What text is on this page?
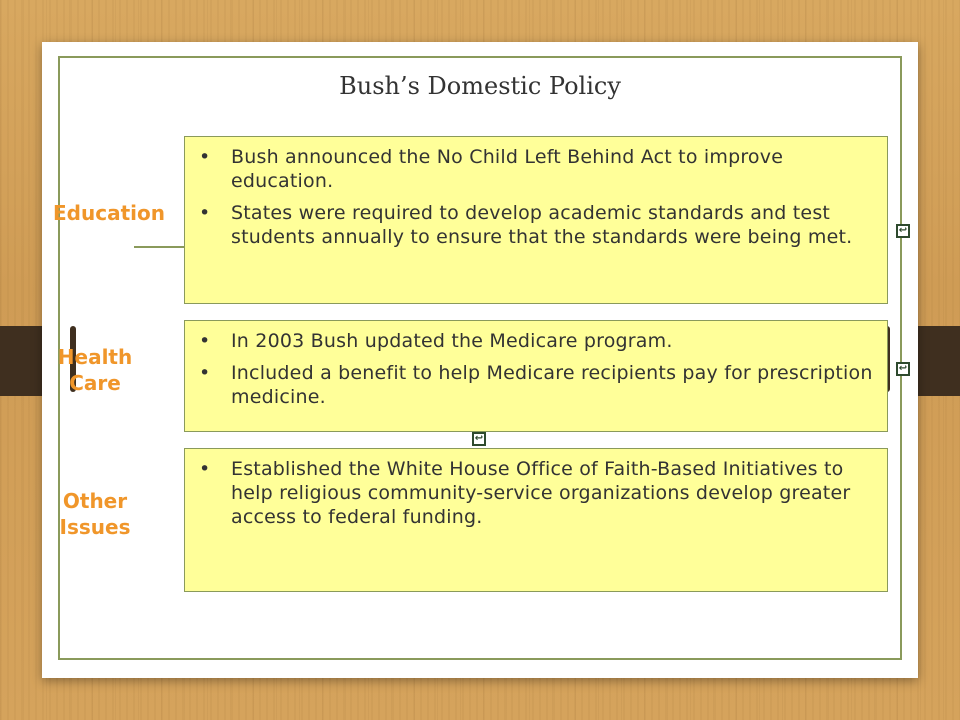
Bush’s Domestic Policy
Education
Health
Care
Other
Issues
• Bush announced the No Child Left Behind Act to improve education.
• States were required to develop academic standards and test students annually to ensure that the standards were being met.
• In 2003 Bush updated the Medicare program.
• Included a benefit to help Medicare recipients pay for prescription medicine.
• Established the White House Office of Faith-Based Initiatives to help religious community-service organizations develop greater access to federal funding.
↩
↩
↩
